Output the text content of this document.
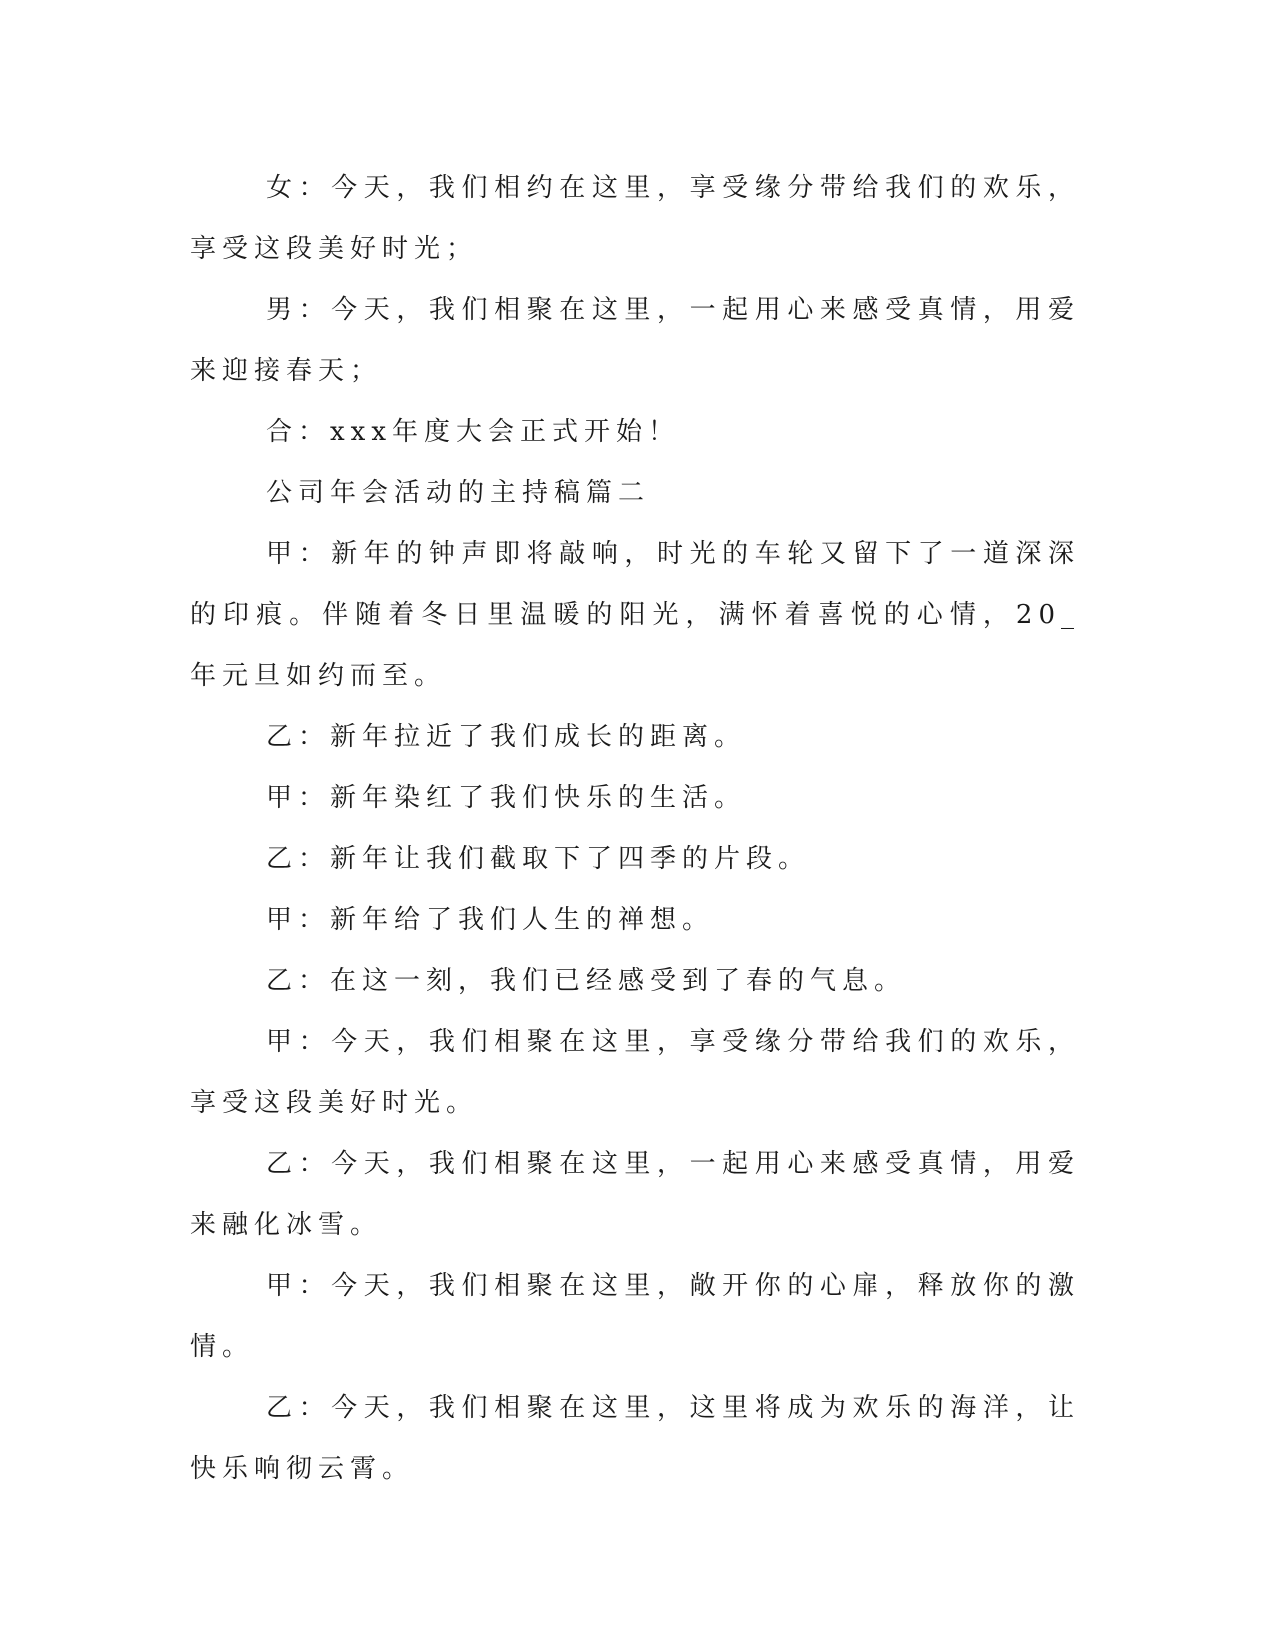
女：今天，我们相约在这里，享受缘分带给我们的欢乐，享受这段美好时光；

男：今天，我们相聚在这里，一起用心来感受真情，用爱来迎接春天；

合：xxx年度大会正式开始！

公司年会活动的主持稿篇二

甲：新年的钟声即将敲响，时光的车轮又留下了一道深深的印痕。伴随着冬日里温暖的阳光，满怀着喜悦的心情，20_年元旦如约而至。

乙：新年拉近了我们成长的距离。

甲：新年染红了我们快乐的生活。

乙：新年让我们截取下了四季的片段。

甲：新年给了我们人生的禅想。

乙：在这一刻，我们已经感受到了春的气息。

甲：今天，我们相聚在这里，享受缘分带给我们的欢乐，享受这段美好时光。

乙：今天，我们相聚在这里，一起用心来感受真情，用爱来融化冰雪。

甲：今天，我们相聚在这里，敞开你的心扉，释放你的激情。

乙：今天，我们相聚在这里，这里将成为欢乐的海洋，让快乐响彻云霄。
